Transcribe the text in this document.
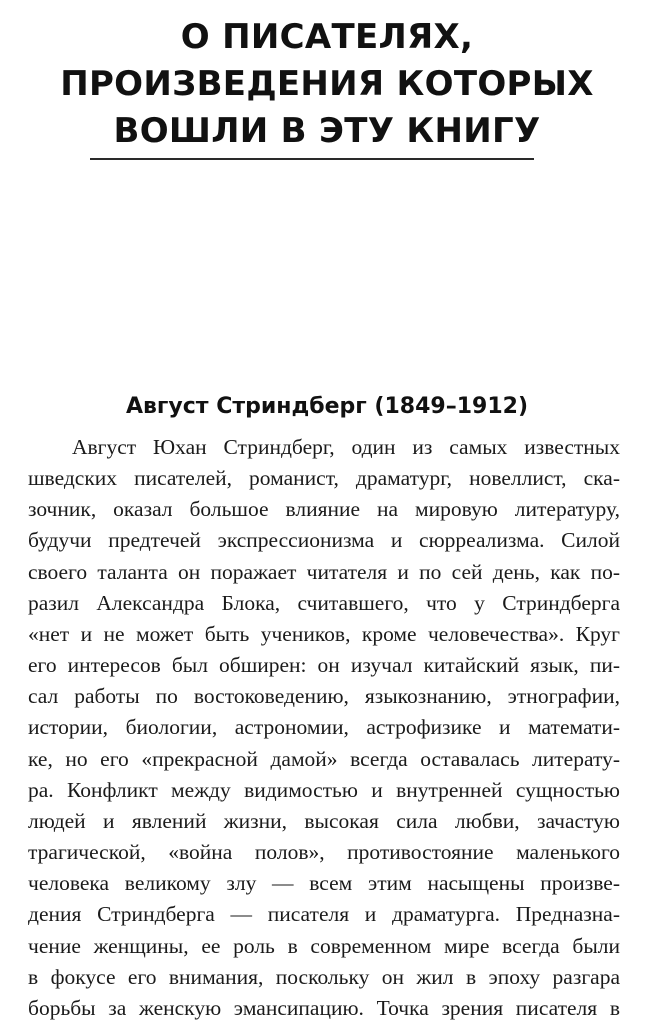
О ПИСАТЕЛЯХ,
ПРОИЗВЕДЕНИЯ КОТОРЫХ
ВОШЛИ В ЭТУ КНИГУ
Август Стриндберг (1849–1912)
Август Юхан Стриндберг, один из самых известных
шведских писателей, романист, драматург, новеллист, ска-
зочник, оказал большое влияние на мировую литературу,
будучи предтечей экспрессионизма и сюрреализма. Силой
своего таланта он поражает читателя и по сей день, как по-
разил Александра Блока, считавшего, что у Стриндберга
«нет и не может быть учеников, кроме человечества». Круг
его интересов был обширен: он изучал китайский язык, пи-
сал работы по востоковедению, языкознанию, этнографии,
истории, биологии, астрономии, астрофизике и математи-
ке, но его «прекрасной дамой» всегда оставалась литерату-
ра. Конфликт между видимостью и внутренней сущностью
людей и явлений жизни, высокая сила любви, зачастую
трагической, «война полов», противостояние маленького
человека великому злу — всем этим насыщены произве-
дения Стриндберга — писателя и драматурга. Предназна-
чение женщины, ее роль в современном мире всегда были
в фокусе его внимания, поскольку он жил в эпоху разгара
борьбы за женскую эмансипацию. Точка зрения писателя в
